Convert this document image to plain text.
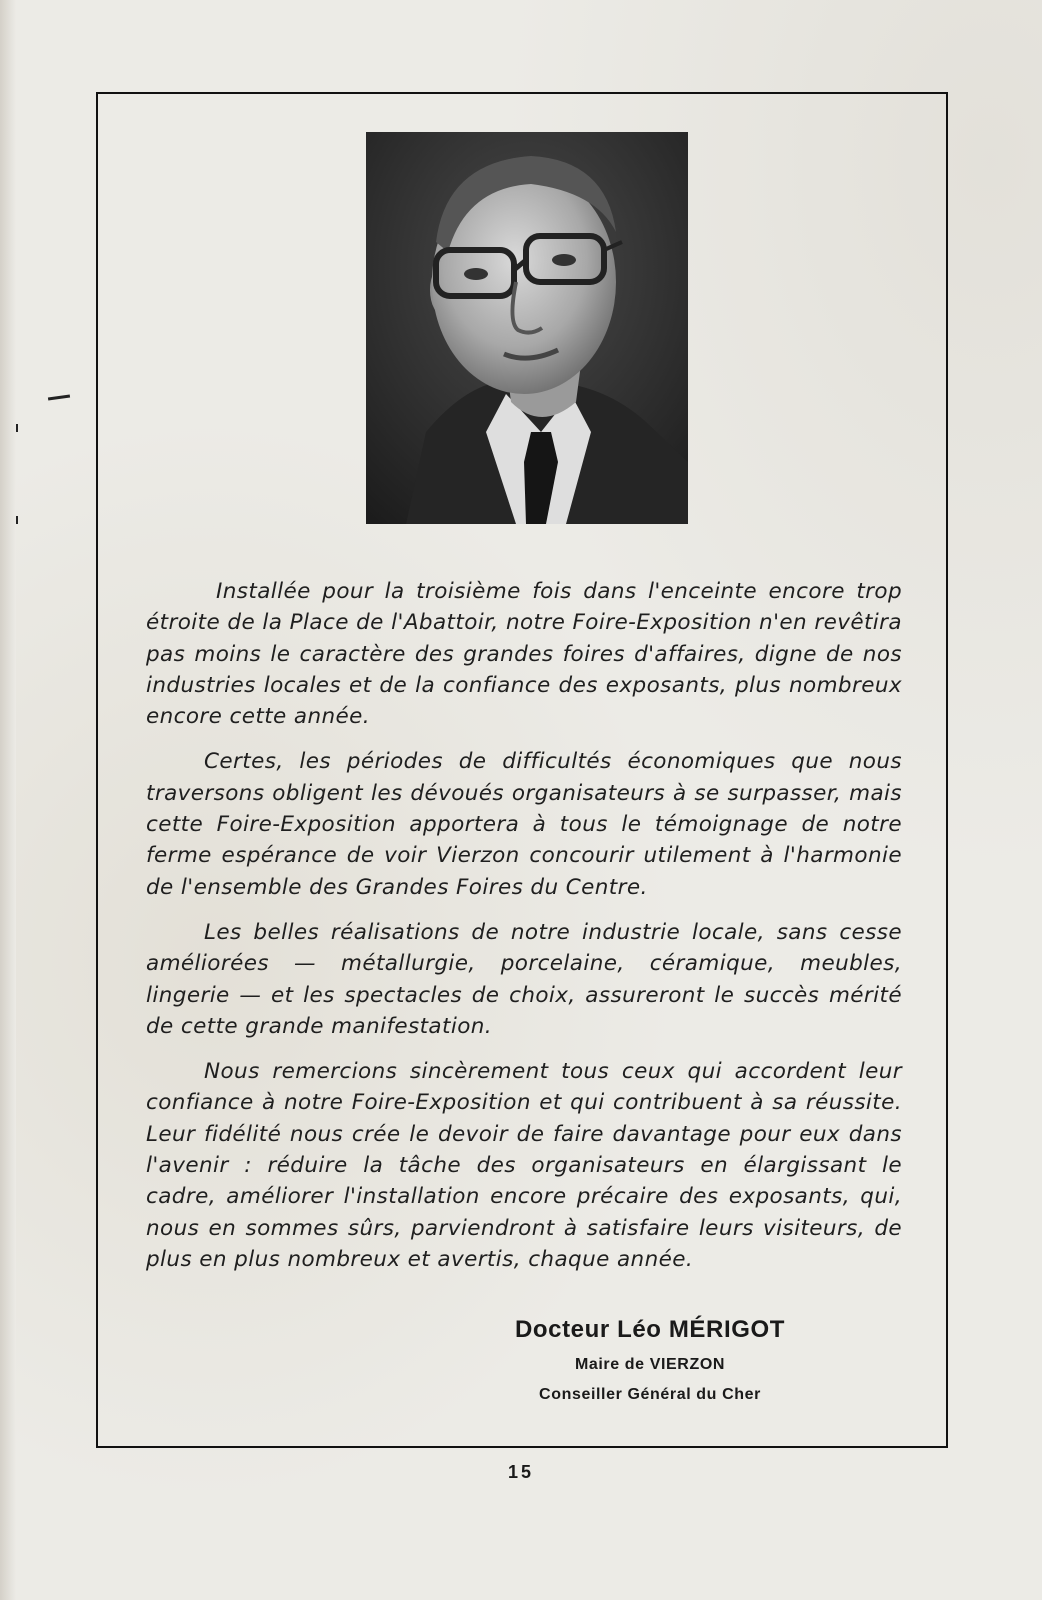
Installée pour la troisième fois dans l'enceinte encore trop étroite de la Place de l'Abattoir, notre Foire-Exposition n'en revêtira pas moins le caractère des grandes foires d'affaires, digne de nos industries locales et de la confiance des exposants, plus nombreux encore cette année.

Certes, les périodes de difficultés économiques que nous traversons obligent les dévoués organisateurs à se surpasser, mais cette Foire-Exposition apportera à tous le témoignage de notre ferme espérance de voir Vierzon concourir utilement à l'harmonie de l'ensemble des Grandes Foires du Centre.

Les belles réalisations de notre industrie locale, sans cesse améliorées — métallurgie, porcelaine, céramique, meubles, lingerie — et les spectacles de choix, assureront le succès mérité de cette grande manifestation.

Nous remercions sincèrement tous ceux qui accordent leur confiance à notre Foire-Exposition et qui contribuent à sa réussite. Leur fidélité nous crée le devoir de faire davantage pour eux dans l'avenir : réduire la tâche des organisateurs en élargissant le cadre, améliorer l'installation encore précaire des exposants, qui, nous en sommes sûrs, parviendront à satisfaire leurs visiteurs, de plus en plus nombreux et avertis, chaque année.

Docteur Léo MÉRIGOT

Maire de VIERZON

Conseiller Général du Cher

15
